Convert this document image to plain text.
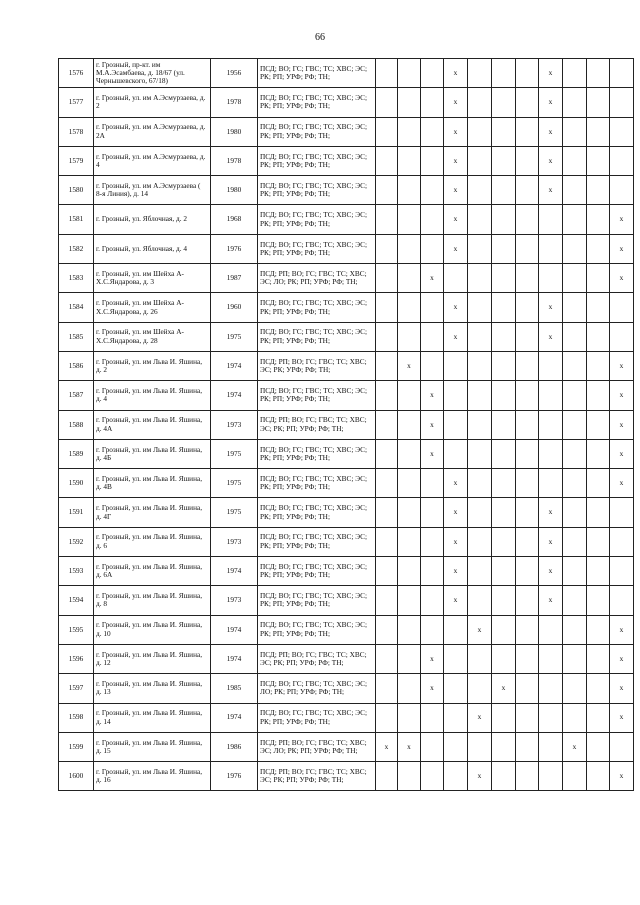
66
1576	г. Грозный, пр-кт. им М.А.Эсамбаева, д. 18/67 (ул. Чернышевского, 67/18)	1956	ПСД; ВО; ГС; ГВС; ТС; ХВС; ЭС; РК; РП; УРФ; РФ; ТН;				х				х			
1577	г. Грозный, ул. им А.Эсмурзаева, д. 2	1978	ПСД; ВО; ГС; ГВС; ТС; ХВС; ЭС; РК; РП; УРФ; РФ; ТН;				х				х			
1578	г. Грозный, ул. им А.Эсмурзаева, д. 2А	1980	ПСД; ВО; ГС; ГВС; ТС; ХВС; ЭС; РК; РП; УРФ; РФ; ТН;				х				х			
1579	г. Грозный, ул. им А.Эсмурзаева, д. 4	1978	ПСД; ВО; ГС; ГВС; ТС; ХВС; ЭС; РК; РП; УРФ; РФ; ТН;				х				х			
1580	г. Грозный, ул. им А.Эсмурзаева ( 8-я Линия), д. 14	1980	ПСД; ВО; ГС; ГВС; ТС; ХВС; ЭС; РК; РП; УРФ; РФ; ТН;				х				х			
1581	г. Грозный, ул. Яблочная, д. 2	1968	ПСД; ВО; ГС; ГВС; ТС; ХВС; ЭС; РК; РП; УРФ; РФ; ТН;				х							х
1582	г. Грозный, ул. Яблочная, д. 4	1976	ПСД; ВО; ГС; ГВС; ТС; ХВС; ЭС; РК; РП; УРФ; РФ; ТН;				х							х
1583	г. Грозный, ул. им Шейха А-Х.С.Яндарова, д. 3	1987	ПСД; РП; ВО; ГС; ГВС; ТС; ХВС; ЭС; ЛО; РК; РП; УРФ; РФ; ТН;			х								х
1584	г. Грозный, ул. им Шейха А-Х.С.Яндарова, д. 26	1960	ПСД; ВО; ГС; ГВС; ТС; ХВС; ЭС; РК; РП; УРФ; РФ; ТН;				х				х			
1585	г. Грозный, ул. им Шейха А-Х.С.Яндарова, д. 28	1975	ПСД; ВО; ГС; ГВС; ТС; ХВС; ЭС; РК; РП; УРФ; РФ; ТН;				х				х			
1586	г. Грозный, ул. им Льва И. Яшина, д. 2	1974	ПСД; РП; ВО; ГС; ГВС; ТС; ХВС; ЭС; РК; УРФ; РФ; ТН;		х									х
1587	г. Грозный, ул. им Льва И. Яшина, д. 4	1974	ПСД; ВО; ГС; ГВС; ТС; ХВС; ЭС; РК; РП; УРФ; РФ; ТН;			х								х
1588	г. Грозный, ул. им Льва И. Яшина, д. 4А	1973	ПСД; РП; ВО; ГС; ГВС; ТС; ХВС; ЭС; РК; РП; УРФ; РФ; ТН;			х								х
1589	г. Грозный, ул. им Льва И. Яшина, д. 4Б	1975	ПСД; ВО; ГС; ГВС; ТС; ХВС; ЭС; РК; РП; УРФ; РФ; ТН;			х								х
1590	г. Грозный, ул. им Льва И. Яшина, д. 4В	1975	ПСД; ВО; ГС; ГВС; ТС; ХВС; ЭС; РК; РП; УРФ; РФ; ТН;				х							х
1591	г. Грозный, ул. им Льва И. Яшина, д. 4Г	1975	ПСД; ВО; ГС; ГВС; ТС; ХВС; ЭС; РК; РП; УРФ; РФ; ТН;				х				х			
1592	г. Грозный, ул. им Льва И. Яшина, д. 6	1973	ПСД; ВО; ГС; ГВС; ТС; ХВС; ЭС; РК; РП; УРФ; РФ; ТН;				х				х			
1593	г. Грозный, ул. им Льва И. Яшина, д. 6А	1974	ПСД; ВО; ГС; ГВС; ТС; ХВС; ЭС; РК; РП; УРФ; РФ; ТН;				х				х			
1594	г. Грозный, ул. им Льва И. Яшина, д. 8	1973	ПСД; ВО; ГС; ГВС; ТС; ХВС; ЭС; РК; РП; УРФ; РФ; ТН;				х				х			
1595	г. Грозный, ул. им Льва И. Яшина, д. 10	1974	ПСД; ВО; ГС; ГВС; ТС; ХВС; ЭС; РК; РП; УРФ; РФ; ТН;					х						х
1596	г. Грозный, ул. им Льва И. Яшина, д. 12	1974	ПСД; РП; ВО; ГС; ГВС; ТС; ХВС; ЭС; РК; РП; УРФ; РФ; ТН;			х								х
1597	г. Грозный, ул. им Льва И. Яшина, д. 13	1985	ПСД; ВО; ГС; ГВС; ТС; ХВС; ЭС; ЛО; РК; РП; УРФ; РФ; ТН;			х			х					х
1598	г. Грозный, ул. им Льва И. Яшина, д. 14	1974	ПСД; ВО; ГС; ГВС; ТС; ХВС; ЭС; РК; РП; УРФ; РФ; ТН;					х						х
1599	г. Грозный, ул. им Льва И. Яшина, д. 15	1986	ПСД; РП; ВО; ГС; ГВС; ТС; ХВС; ЭС; ЛО; РК; РП; УРФ; РФ; ТН;	х	х							х		
1600	г. Грозный, ул. им Льва И. Яшина, д. 16	1976	ПСД; РП; ВО; ГС; ГВС; ТС; ХВС; ЭС; РК; РП; УРФ; РФ; ТН;					х						х
